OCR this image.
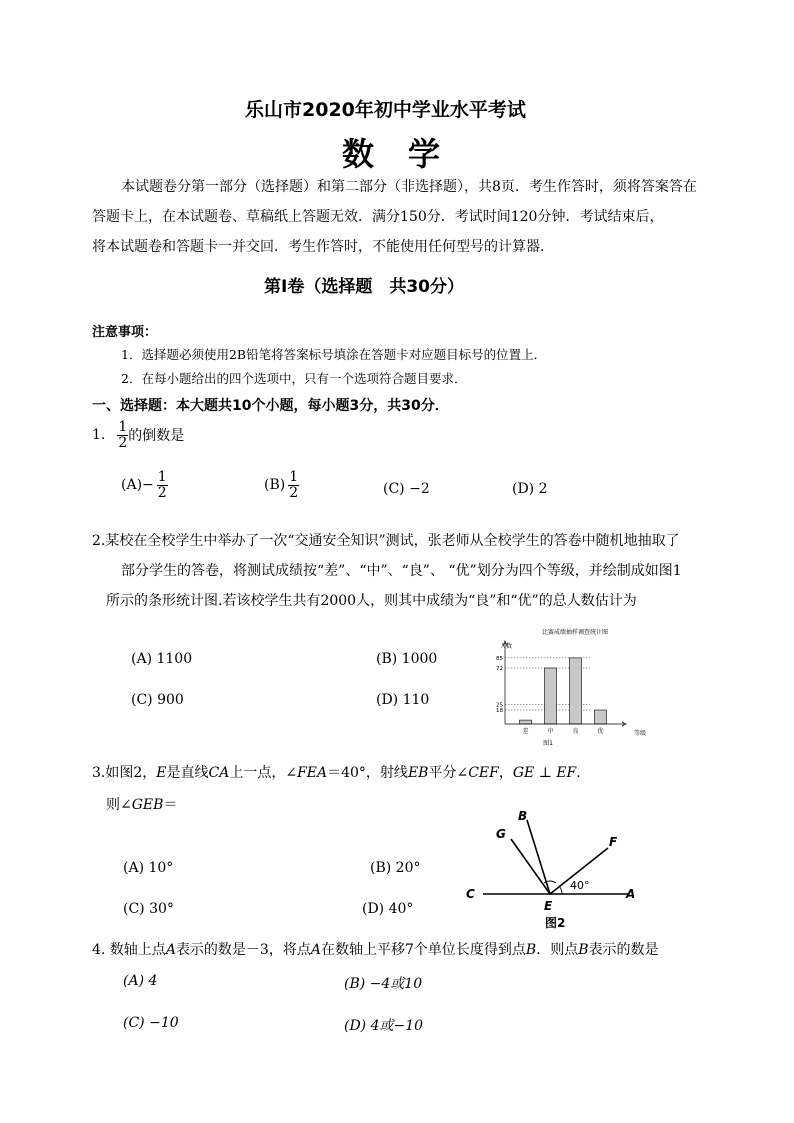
乐山市2020年初中学业水平考试
数学
本试题卷分第一部分（选择题）和第二部分（非选择题），共8页．考生作答时，须将答案答在
答题卡上，在本试题卷、草稿纸上答题无效．满分150分．考试时间120分钟．考试结束后，
将本试题卷和答题卡一并交回．考生作答时，不能使用任何型号的计算器．
第Ⅰ卷（选择题　共30分）
注意事项：
1．选择题必须使用2B铅笔将答案标号填涂在答题卡对应题目标号的位置上．
2．在每小题给出的四个选项中，只有一个选项符合题目要求．
一、选择题：本大题共10个小题，每小题3分，共30分．
1. $\frac{1}{2}$ 的倒数是
$(A) - \frac{1}{2}$	$(B) \frac{1}{2}$	(C) −2	(D) 2
2.某校在全校学生中举办了一次“交通安全知识”测试，张老师从全校学生的答卷中随机地抽取了
部分学生的答卷，将测试成绩按“差”、“中”、“良”、 “优”划分为四个等级，并绘制成如图1
所示的条形统计图.若该校学生共有2000人，则其中成绩为“良”和“优”的总人数估计为
(A) 1100	(B) 1000
(C) 900	(D) 110
比赛成绩抽样调查统计图
人数
等级
图1
18
25
72
85
差	中	良	优
3.如图2，E是直线CA上一点，∠FEA＝40°，射线EB平分∠CEF，GE ⊥ EF．
则∠GEB＝
(A) 10°	(B) 20°
(C) 30°	(D) 40°
G
B
F
C
E
A
40°
图2
4. 数轴上点A表示的数是－3，将点A在数轴上平移7个单位长度得到点B．则点B表示的数是
(A) 4	(B) −4或10
(C) −10	(D) 4或−10
